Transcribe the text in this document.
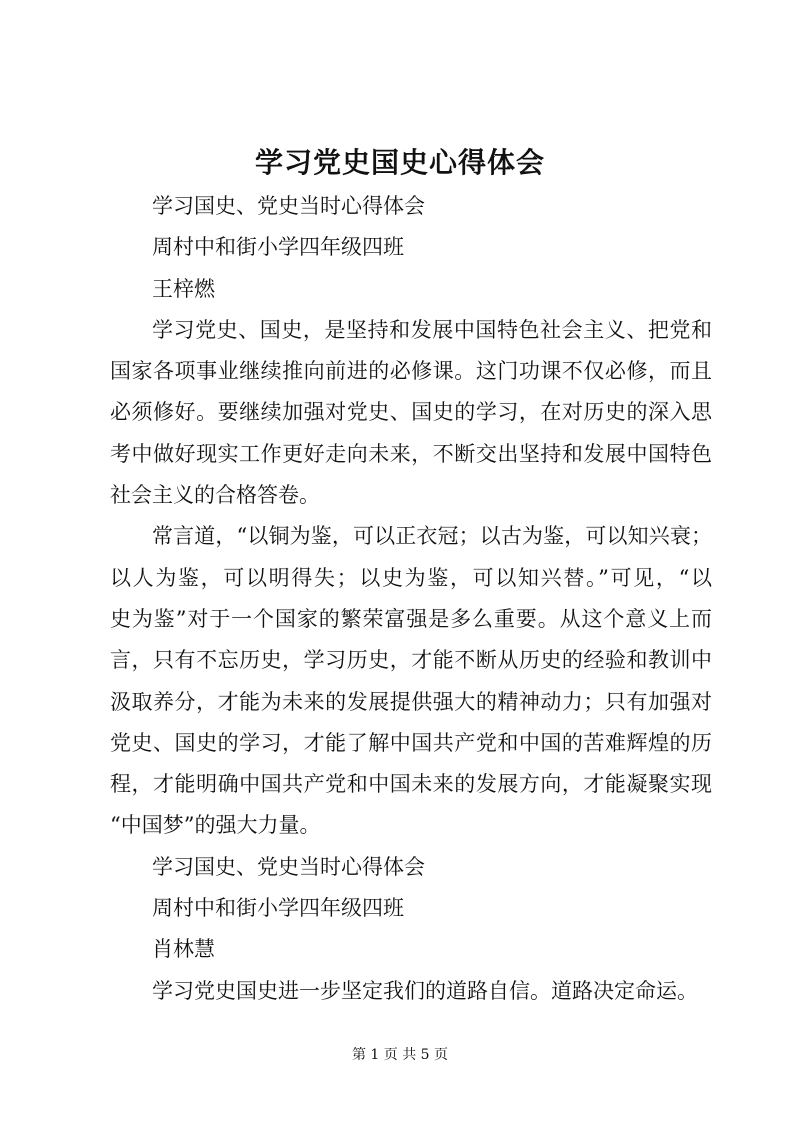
学习党史国史心得体会
学习国史、党史当时心得体会
周村中和街小学四年级四班
王梓燃
学习党史、国史，是坚持和发展中国特色社会主义、把党和
国家各项事业继续推向前进的必修课。这门功课不仅必修，而且
必须修好。要继续加强对党史、国史的学习，在对历史的深入思
考中做好现实工作更好走向未来，不断交出坚持和发展中国特色
社会主义的合格答卷。
常言道，“以铜为鉴，可以正衣冠；以古为鉴，可以知兴衰；
以人为鉴，可以明得失；以史为鉴，可以知兴替。”可见，“以
史为鉴”对于一个国家的繁荣富强是多么重要。从这个意义上而
言，只有不忘历史，学习历史，才能不断从历史的经验和教训中
汲取养分，才能为未来的发展提供强大的精神动力；只有加强对
党史、国史的学习，才能了解中国共产党和中国的苦难辉煌的历
程，才能明确中国共产党和中国未来的发展方向，才能凝聚实现
“中国梦”的强大力量。
学习国史、党史当时心得体会
周村中和街小学四年级四班
肖林慧
学习党史国史进一步坚定我们的道路自信。道路决定命运。
第 1 页 共 5 页
